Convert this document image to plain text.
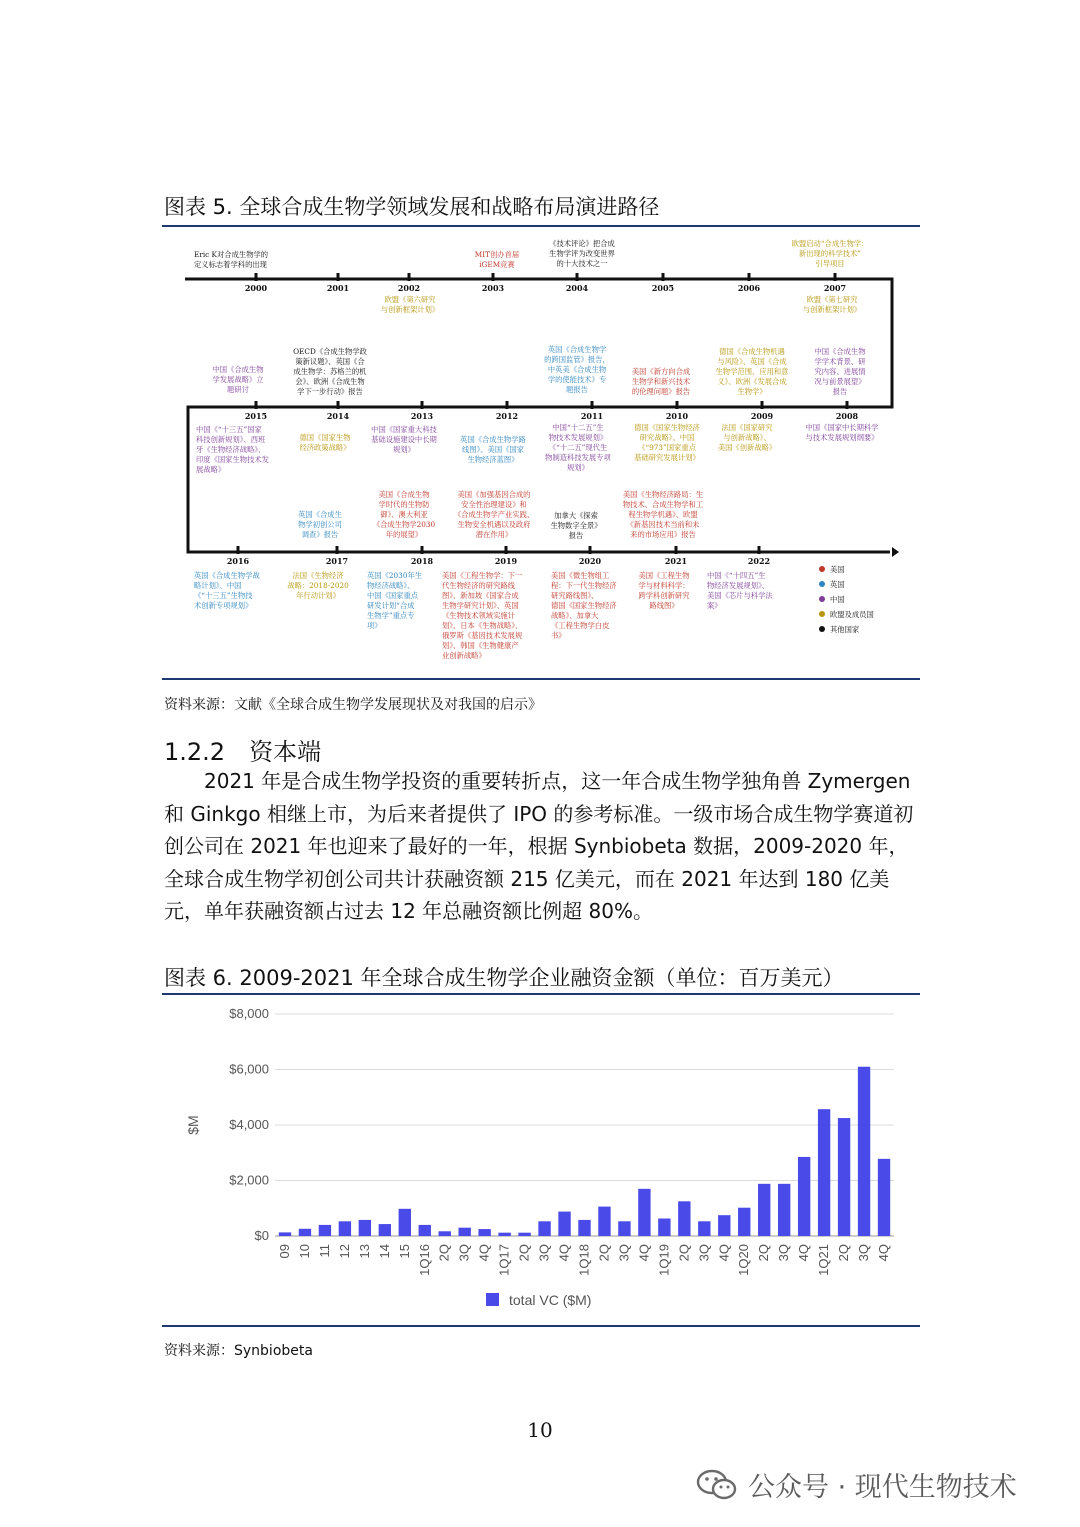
图表 5. 全球合成生物学领域发展和战略布局演进路径
2000	2001	2002	2003	2004	2005	2006	2007
2015	2014	2013	2012	2011	2010	2009	2008
2016	2017	2018	2019	2020	2021	2022
Eric K对合成生物学的
定义标志着学科的出现
MIT创办首届
iGEM竞赛
《技术评论》把合成
生物学评为改变世界
的十大技术之一
欧盟启动“合成生物学：
新出现的科学技术”
引导项目
欧盟《第六研究
与创新框架计划》
欧盟《第七研究
与创新框架计划》
中国《合成生物
学发展战略》立
题研讨
OECD《合成生物学政
策新议题》、英国《合
成生物学：苏格兰的机
会》、欧洲《合成生物
学下一步行动》报告
英国《合成生物学
的跨国监管》报告，
中英美《合成生物
学的使能技术》专
题报告
美国《新方向合成
生物学和新兴技术
的伦理问题》报告
德国《合成生物机遇
与风险》、英国《合成
生物学范围、应用和意
义》、欧洲《发展合成
生物学》
中国《合成生物
学学术背景、研
究内容、进展情
况与前景展望》
报告
中国《“十三五”国家
科技创新规划》、西班
牙《生物经济战略》、
印度《国家生物技术发
展战略》
德国《国家生物
经济政策战略》
中国《国家重大科技
基础设施建设中长期
规划》
英国《合成生物学路
线图》、美国《国家
生物经济蓝图》
中国“十二五”生
物技术发展规划》
《“十二五”现代生
物制造科技发展专项
规划》
德国《国家生物经济
研究战略》、中国
《“973”国家重点
基础研究发展计划》
法国《国家研究
与创新战略》、
美国《创新战略》
中国《国家中长期科学
与技术发展规划纲要》
英国《合成生
物学初创公司
调查》报告
美国《合成生物
学时代的生物防
御》、澳大利亚
《合成生物学2030
年的展望》
美国《加强基因合成的
安全性治理建设》和
《合成生物学产业实践、
生物安全机遇以及政府
潜在作用》
加拿大《探索
生物数字全景》
报告
美国《生物经济路局：生
物技术、合成生物学和工
程生物学机遇》、欧盟
《新基因技术当前和未
来的市场应用》报告
英国《合成生物学战
略计划》、中国
《“十三五”生物技
术创新专项规划》
法国《生物经济
战略：2018-2020
年行动计划》
英国《2030年生
物经济战略》、
中国《国家重点
研发计划“合成
生物学”重点专
项》
美国《工程生物学：下一
代生物经济的研究路线
图》、新加坡《国家合成
生物学研究计划》、英国
《生物技术领域实施计
划》、日本《生物战略》、
俄罗斯《基因技术发展规
划》、韩国《生物健康产
业创新战略》
美国《微生物组工
程：下一代生物经济
研究路线图》、
德国《国家生物经济
战略》、加拿大
《工程生物学白皮
书》
美国《工程生物
学与材料科学：
跨学科创新研究
路线图》
中国《“十四五”生
物经济发展规划》、
美国《芯片与科学法
案》
美国
英国
中国
欧盟及成员国
其他国家
资料来源：文献《全球合成生物学发展现状及对我国的启示》
1.2.2　资本端

　　2021 年是合成生物学投资的重要转折点，这一年合成生物学独角兽 Zymergen 和 Ginkgo 相继上市，为后来者提供了 IPO 的参考标准。一级市场合成生物学赛道初创公司在 2021 年也迎来了最好的一年，根据 Synbiobeta 数据，2009-2020 年，全球合成生物学初创公司共计获融资额 215 亿美元，而在 2021 年达到 180 亿美元，单年获融资额占过去 12 年总融资额比例超 80%。

图表 6. 2009-2021 年全球合成生物学企业融资金额（单位：百万美元）
$0
$2,000
$4,000
$6,000
$8,000
$M
09 10 11 12 13 14 15 1Q16 2Q 3Q 4Q 1Q17 2Q 3Q 4Q 1Q18 2Q 3Q 4Q 1Q19 2Q 3Q 4Q 1Q20 2Q 3Q 4Q 1Q21 2Q 3Q 4Q
total VC ($M)
资料来源：Synbiobeta
10
公众号 · 现代生物技术
